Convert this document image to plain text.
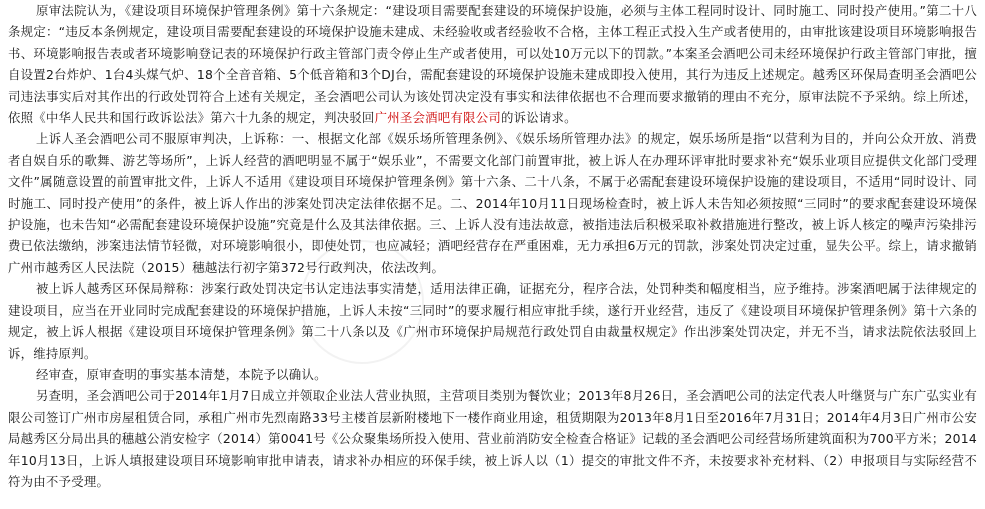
原审法院认为，《建设项目环境保护管理条例》第十六条规定：“建设项目需要配套建设的环境保护设施，必须与主体工程同时设计、同时施工、同时投产使用。”第二十八条规定：“违反本条例规定，建设项目需要配套建设的环境保护设施未建成、未经验收或者经验收不合格，主体工程正式投入生产或者使用的，由审批该建设项目环境影响报告书、环境影响报告表或者环境影响登记表的环境保护行政主管部门责令停止生产或者使用，可以处10万元以下的罚款。”本案圣会酒吧公司未经环境保护行政主管部门审批，擅自设置2台炸炉、1台4头煤气炉、18个全音音箱、5个低音箱和3个DJ台，需配套建设的环境保护设施未建成即投入使用，其行为违反上述规定。越秀区环保局查明圣会酒吧公司违法事实后对其作出的行政处罚符合上述有关规定，圣会酒吧公司认为该处罚决定没有事实和法律依据也不合理而要求撤销的理由不充分，原审法院不予采纳。综上所述，依照《中华人民共和国行政诉讼法》第六十九条的规定，判决驳回广州圣会酒吧有限公司的诉讼请求。

上诉人圣会酒吧公司不服原审判决，上诉称：一、根据文化部《娱乐场所管理条例》、《娱乐场所管理办法》的规定，娱乐场所是指“以营利为目的，并向公众开放、消费者自娱自乐的歌舞、游艺等场所”，上诉人经营的酒吧明显不属于“娱乐业”，不需要文化部门前置审批，被上诉人在办理环评审批时要求补充“娱乐业项目应提供文化部门受理文件”属随意设置的前置审批文件，上诉人不适用《建设项目环境保护管理条例》第十六条、二十八条，不属于必需配套建设环境保护设施的建设项目，不适用“同时设计、同时施工、同时投产使用”的条件，被上诉人作出的涉案处罚决定法律依据不足。二、2014年10月11日现场检查时，被上诉人未告知必须按照“三同时”的要求配套建设环境保护设施，也未告知“必需配套建设环境保护设施”究竟是什么及其法律依据。三、上诉人没有违法故意，被指违法后积极采取补救措施进行整改，被上诉人核定的噪声污染排污费已依法缴纳，涉案违法情节轻微，对环境影响很小，即使处罚，也应减轻；酒吧经营存在严重困难，无力承担6万元的罚款，涉案处罚决定过重，显失公平。综上，请求撤销广州市越秀区人民法院（2015）穗越法行初字第372号行政判决，依法改判。

被上诉人越秀区环保局辩称：涉案行政处罚决定书认定违法事实清楚，适用法律正确，证据充分，程序合法，处罚种类和幅度相当，应予维持。涉案酒吧属于法律规定的建设项目，应当在开业同时完成配套建设的环境保护措施，上诉人未按“三同时”的要求履行相应审批手续，遂行开业经营，违反了《建设项目环境保护管理条例》第十六条的规定，被上诉人根据《建设项目环境保护管理条例》第二十八条以及《广州市环境保护局规范行政处罚自由裁量权规定》作出涉案处罚决定，并无不当，请求法院依法驳回上诉，维持原判。

经审查，原审查明的事实基本清楚，本院予以确认。

另查明，圣会酒吧公司于2014年1月7日成立并领取企业法人营业执照，主营项目类别为餐饮业；2013年8月26日，圣会酒吧公司的法定代表人叶继贤与广东广弘实业有限公司签订广州市房屋租赁合同，承租广州市先烈南路33号主楼首层新附楼地下一楼作商业用途，租赁期限为2013年8月1日至2016年7月31日；2014年4月3日广州市公安局越秀区分局出具的穗越公消安检字（2014）第0041号《公众聚集场所投入使用、营业前消防安全检查合格证》记载的圣会酒吧公司经营场所建筑面积为700平方米；2014年10月13日，上诉人填报建设项目环境影响审批申请表，请求补办相应的环保手续，被上诉人以（1）提交的审批文件不齐，未按要求补充材料、（2）申报项目与实际经营不符为由不予受理。
